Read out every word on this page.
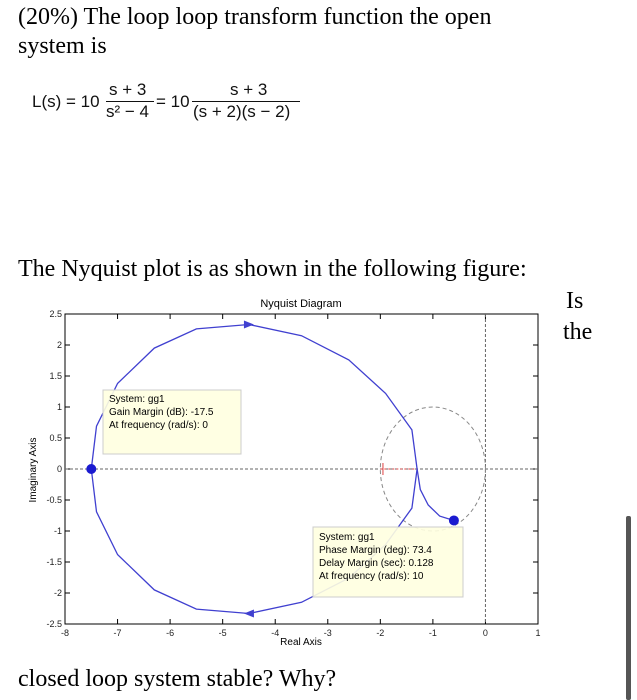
(20%) The loop loop transform function the open
system is
L(s) = 10
s + 3
s² − 4
= 10
s + 3
(s + 2)(s − 2)
The Nyquist plot is as shown in the following figure:
Is
the
Nyquist Diagram
Real Axis
Imaginary Axis
-8	-7	-6	-5	-4	-3	-2	-1	0	1
2.5
2
1.5
1
0.5
0
-0.5
-1
-1.5
-2
-2.5
System: gg1
Gain Margin (dB): -17.5
At frequency (rad/s): 0
System: gg1
Phase Margin (deg): 73.4
Delay Margin (sec): 0.128
At frequency (rad/s): 10
closed loop system stable? Why?
